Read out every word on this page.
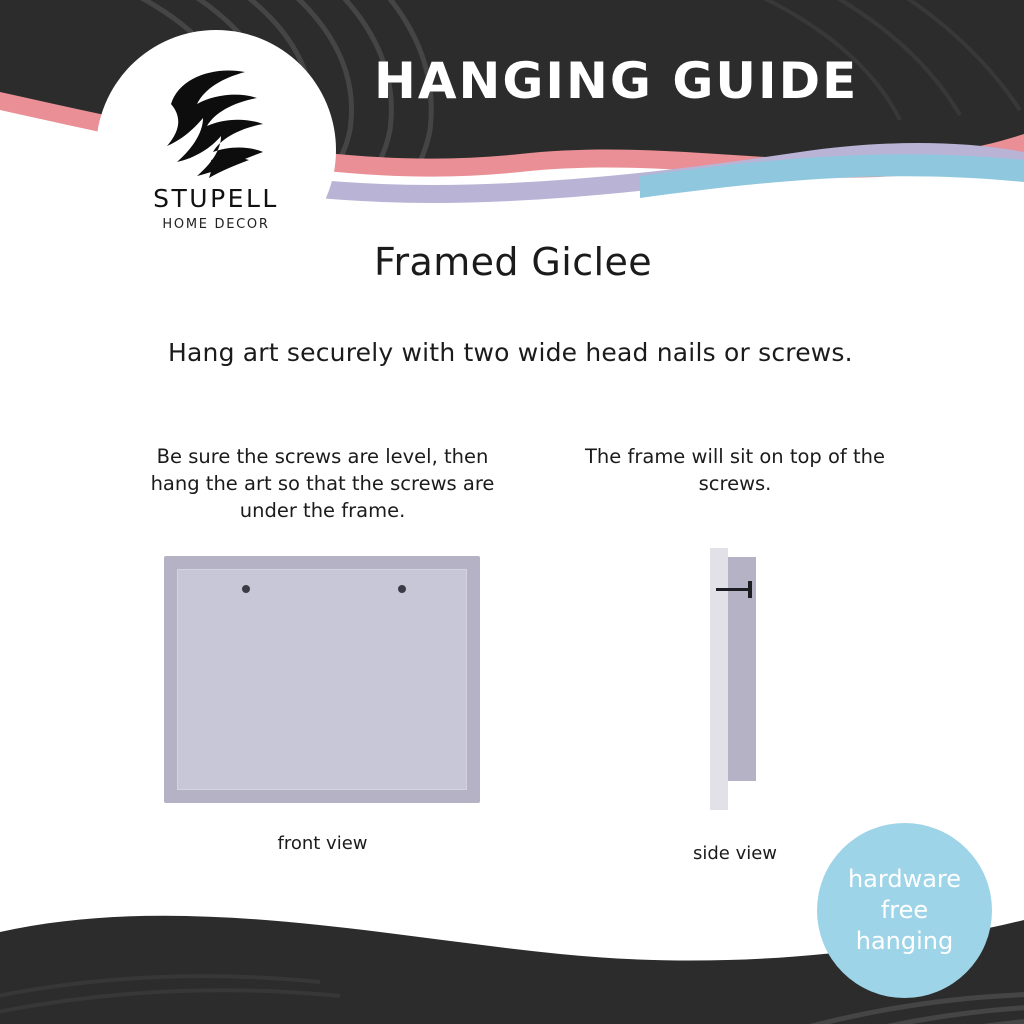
STUPELL
HOME DECOR
HANGING GUIDE
Framed Giclee
Hang art securely with two wide head nails or screws.
Be sure the screws are level, then hang the art so that the screws are under the frame.
front view
The frame will sit on top of the screws.
side view
hardware
free
hanging
